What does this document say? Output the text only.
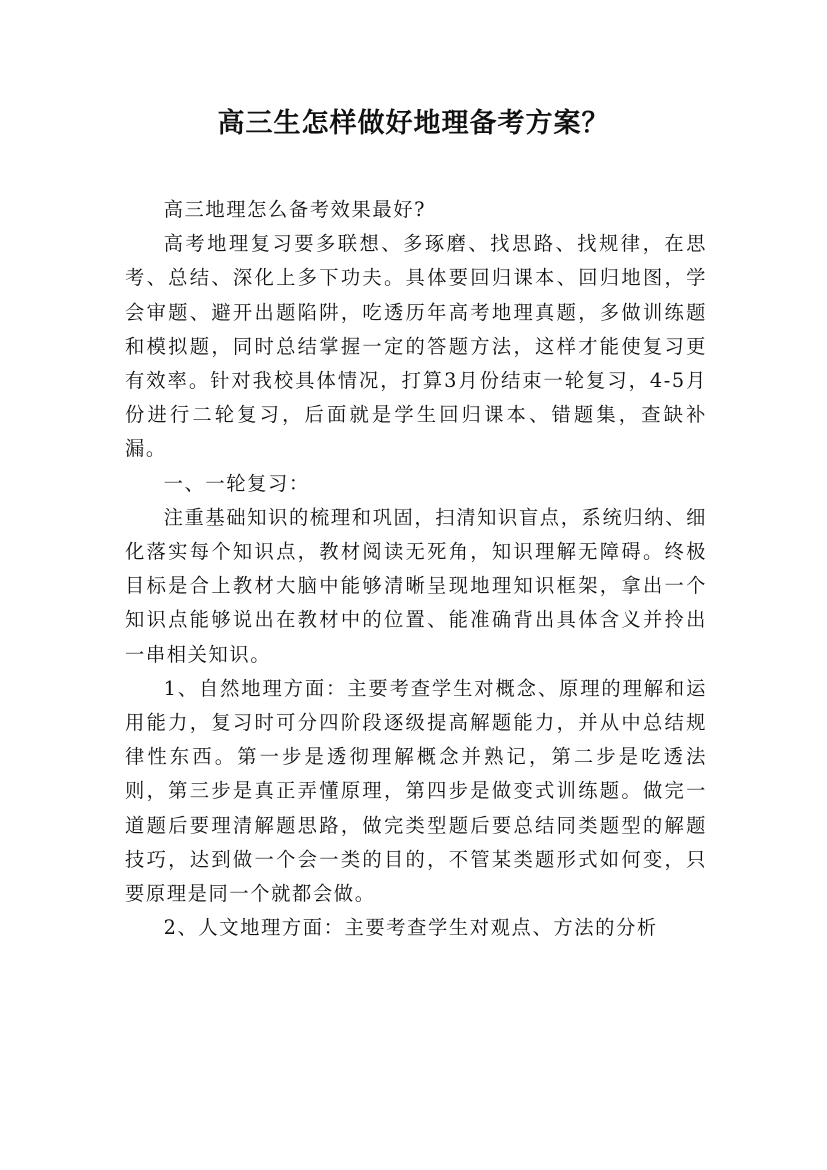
高三生怎样做好地理备考方案？

高三地理怎么备考效果最好?

高考地理复习要多联想、多琢磨、找思路、找规律，在思考、总结、深化上多下功夫。具体要回归课本、回归地图，学会审题、避开出题陷阱，吃透历年高考地理真题，多做训练题和模拟题，同时总结掌握一定的答题方法，这样才能使复习更有效率。针对我校具体情况，打算3月份结束一轮复习，4-5月份进行二轮复习，后面就是学生回归课本、错题集，查缺补漏。

一、一轮复习：

注重基础知识的梳理和巩固，扫清知识盲点，系统归纳、细化落实每个知识点，教材阅读无死角，知识理解无障碍。终极目标是合上教材大脑中能够清晰呈现地理知识框架，拿出一个知识点能够说出在教材中的位置、能准确背出具体含义并拎出一串相关知识。

1、自然地理方面：主要考查学生对概念、原理的理解和运用能力，复习时可分四阶段逐级提高解题能力，并从中总结规律性东西。第一步是透彻理解概念并熟记，第二步是吃透法则，第三步是真正弄懂原理，第四步是做变式训练题。做完一道题后要理清解题思路，做完类型题后要总结同类题型的解题技巧，达到做一个会一类的目的，不管某类题形式如何变，只要原理是同一个就都会做。

2、人文地理方面：主要考查学生对观点、方法的分析
